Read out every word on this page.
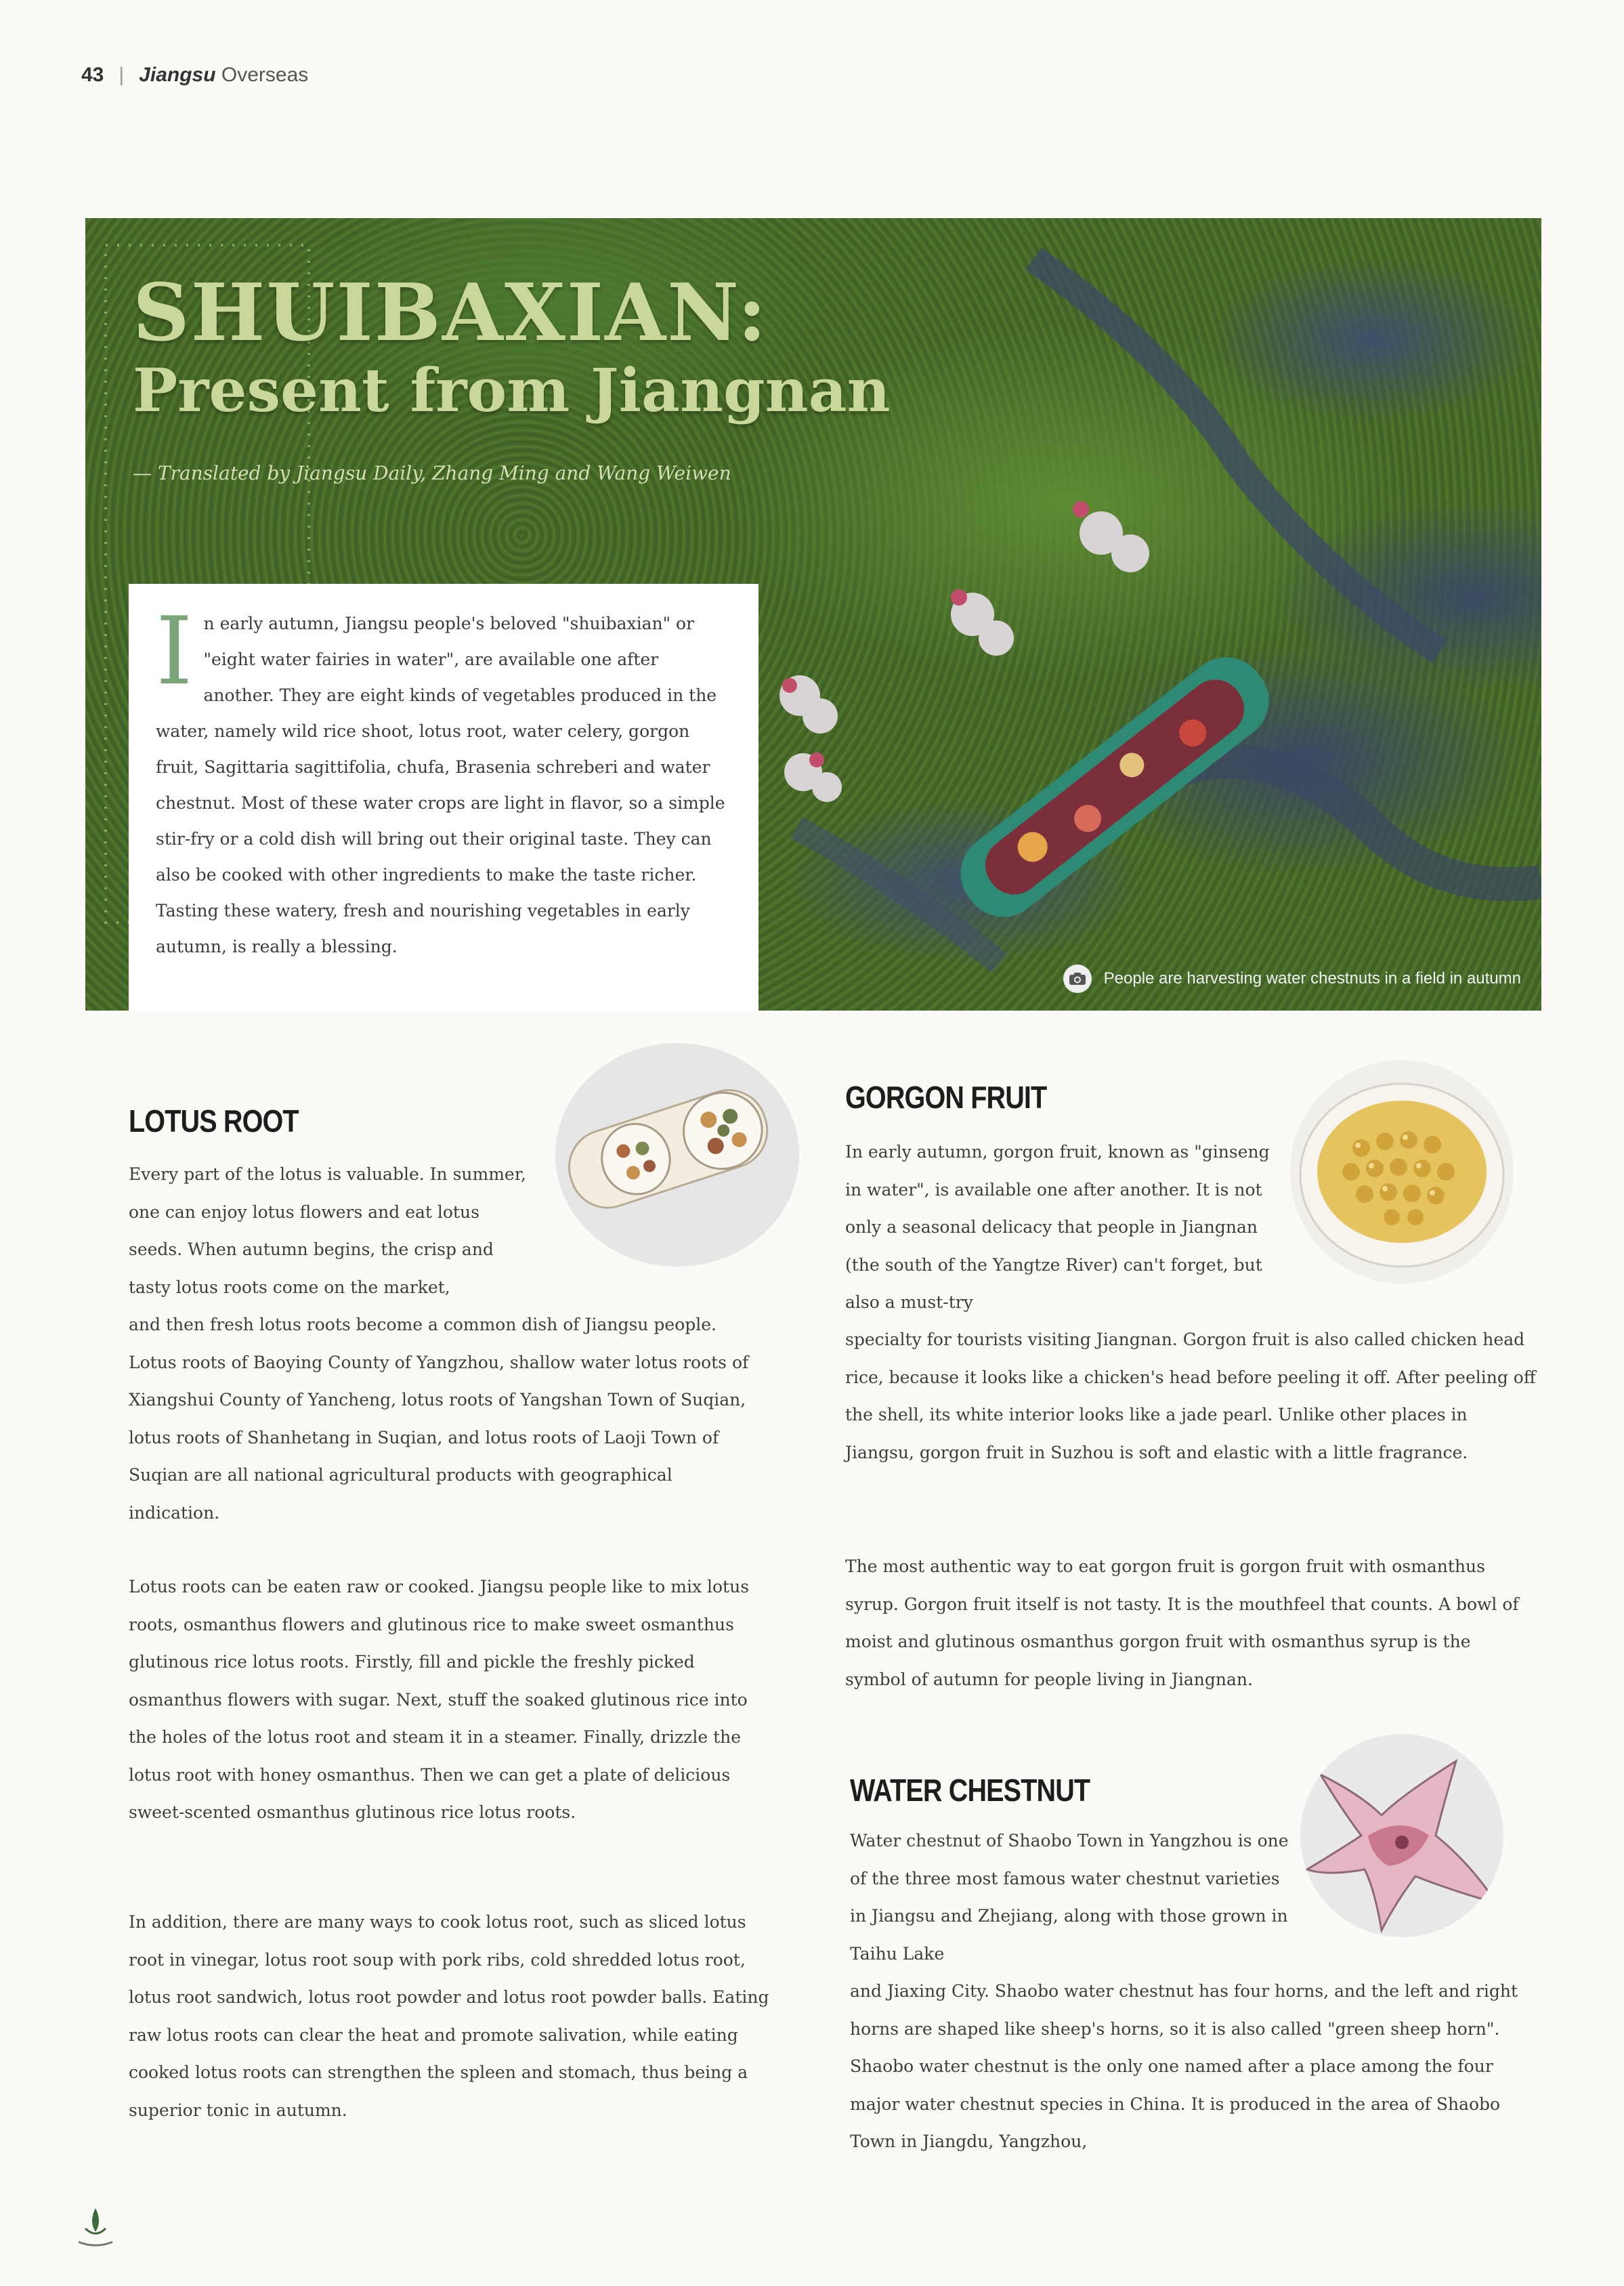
43 | Jiangsu Overseas
SHUIBAXIAN:
Present from Jiangnan
— Translated by Jiangsu Daily, Zhang Ming and Wang Weiwen
I n early autumn, Jiangsu people's beloved "shuibaxian" or "eight water fairies in water", are available one after another. They are eight kinds of vegetables produced in the water, namely wild rice shoot, lotus root, water celery, gorgon fruit, Sagittaria sagittifolia, chufa, Brasenia schreberi and water chestnut. Most of these water crops are light in flavor, so a simple stir-fry or a cold dish will bring out their original taste. They can also be cooked with other ingredients to make the taste richer. Tasting these watery, fresh and nourishing vegetables in early autumn, is really a blessing.
People are harvesting water chestnuts in a field in autumn
LOTUS ROOT
Every part of the lotus is valuable. In summer, one can enjoy lotus flowers and eat lotus seeds. When autumn begins, the crisp and tasty lotus roots come on the market,
and then fresh lotus roots become a common dish of Jiangsu people. Lotus roots of Baoying County of Yangzhou, shallow water lotus roots of Xiangshui County of Yancheng, lotus roots of Yangshan Town of Suqian, lotus roots of Shanhetang in Suqian, and lotus roots of Laoji Town of Suqian are all national agricultural products with geographical indication.
Lotus roots can be eaten raw or cooked. Jiangsu people like to mix lotus roots, osmanthus flowers and glutinous rice to make sweet osmanthus glutinous rice lotus roots. Firstly, fill and pickle the freshly picked osmanthus flowers with sugar. Next, stuff the soaked glutinous rice into the holes of the lotus root and steam it in a steamer. Finally, drizzle the lotus root with honey osmanthus. Then we can get a plate of delicious sweet-scented osmanthus glutinous rice lotus roots.
In addition, there are many ways to cook lotus root, such as sliced lotus root in vinegar, lotus root soup with pork ribs, cold shredded lotus root, lotus root sandwich, lotus root powder and lotus root powder balls. Eating raw lotus roots can clear the heat and promote salivation, while eating cooked lotus roots can strengthen the spleen and stomach, thus being a superior tonic in autumn.
GORGON FRUIT
In early autumn, gorgon fruit, known as "ginseng in water", is available one after another. It is not only a seasonal delicacy that people in Jiangnan (the south of the Yangtze River) can't forget, but also a must-try
specialty for tourists visiting Jiangnan. Gorgon fruit is also called chicken head rice, because it looks like a chicken's head before peeling it off. After peeling off the shell, its white interior looks like a jade pearl. Unlike other places in Jiangsu, gorgon fruit in Suzhou is soft and elastic with a little fragrance.
The most authentic way to eat gorgon fruit is gorgon fruit with osmanthus syrup. Gorgon fruit itself is not tasty. It is the mouthfeel that counts. A bowl of moist and glutinous osmanthus gorgon fruit with osmanthus syrup is the symbol of autumn for people living in Jiangnan.
WATER CHESTNUT
Water chestnut of Shaobo Town in Yangzhou is one of the three most famous water chestnut varieties in Jiangsu and Zhejiang, along with those grown in Taihu Lake
and Jiaxing City. Shaobo water chestnut has four horns, and the left and right horns are shaped like sheep's horns, so it is also called "green sheep horn". Shaobo water chestnut is the only one named after a place among the four major water chestnut species in China. It is produced in the area of Shaobo Town in Jiangdu, Yangzhou,
